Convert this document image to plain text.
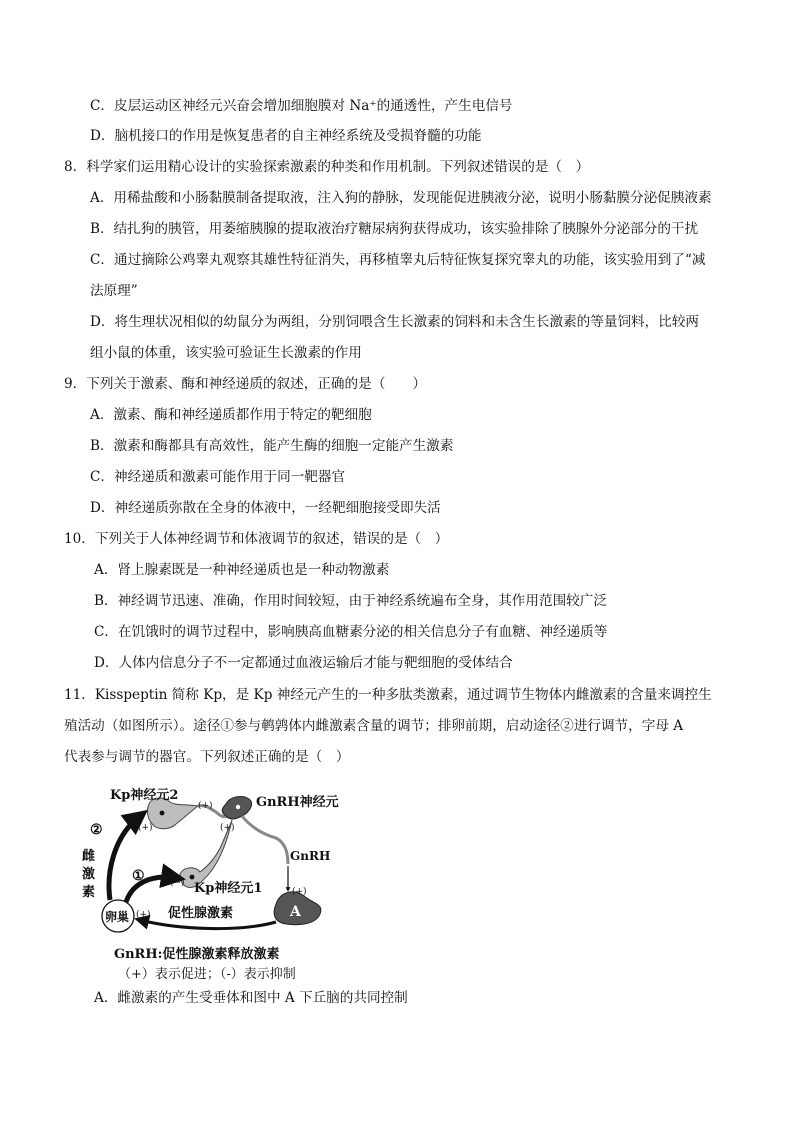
C．皮层运动区神经元兴奋会增加细胞膜对 Na⁺的通透性，产生电信号
D．脑机接口的作用是恢复患者的自主神经系统及受损脊髓的功能
8．科学家们运用精心设计的实验探索激素的种类和作用机制。下列叙述错误的是（　）
A．用稀盐酸和小肠黏膜制备提取液，注入狗的静脉，发现能促进胰液分泌，说明小肠黏膜分泌促胰液素
B．结扎狗的胰管，用萎缩胰腺的提取液治疗糖尿病狗获得成功，该实验排除了胰腺外分泌部分的干扰
C．通过摘除公鸡睾丸观察其雄性特征消失，再移植睾丸后特征恢复探究睾丸的功能，该实验用到了“减
法原理”
D．将生理状况相似的幼鼠分为两组，分别饲喂含生长激素的饲料和未含生长激素的等量饲料，比较两
组小鼠的体重，该实验可验证生长激素的作用
9．下列关于激素、酶和神经递质的叙述，正确的是（　　）
A．激素、酶和神经递质都作用于特定的靶细胞
B．激素和酶都具有高效性，能产生酶的细胞一定能产生激素
C．神经递质和激素可能作用于同一靶器官
D．神经递质弥散在全身的体液中，一经靶细胞接受即失活
10．下列关于人体神经调节和体液调节的叙述，错误的是（　）
A．肾上腺素既是一种神经递质也是一种动物激素
B．神经调节迅速、准确，作用时间较短，由于神经系统遍布全身，其作用范围较广泛
C．在饥饿时的调节过程中，影响胰高血糖素分泌的相关信息分子有血糖、神经递质等
D．人体内信息分子不一定都通过血液运输后才能与靶细胞的受体结合
11．Kisspeptin 简称 Kp，是 Kp 神经元产生的一种多肽类激素，通过调节生物体内雌激素的含量来调控生
殖活动（如图所示）。途径①参与鹌鹑体内雌激素含量的调节；排卵前期，启动途径②进行调节，字母 A
代表参与调节的器官。下列叙述正确的是（　）
A．雌激素的产生受垂体和图中 A 下丘脑的共同控制
Kp神经元2
(+)
(+)
GnRH神经元
(+)
GnRH
(+)
(−) Kp神经元1
A
卵巢 (+) 促性腺激素
①
②
雌
激
素
GnRH:促性腺激素释放激素
（+）表示促进；（-）表示抑制
